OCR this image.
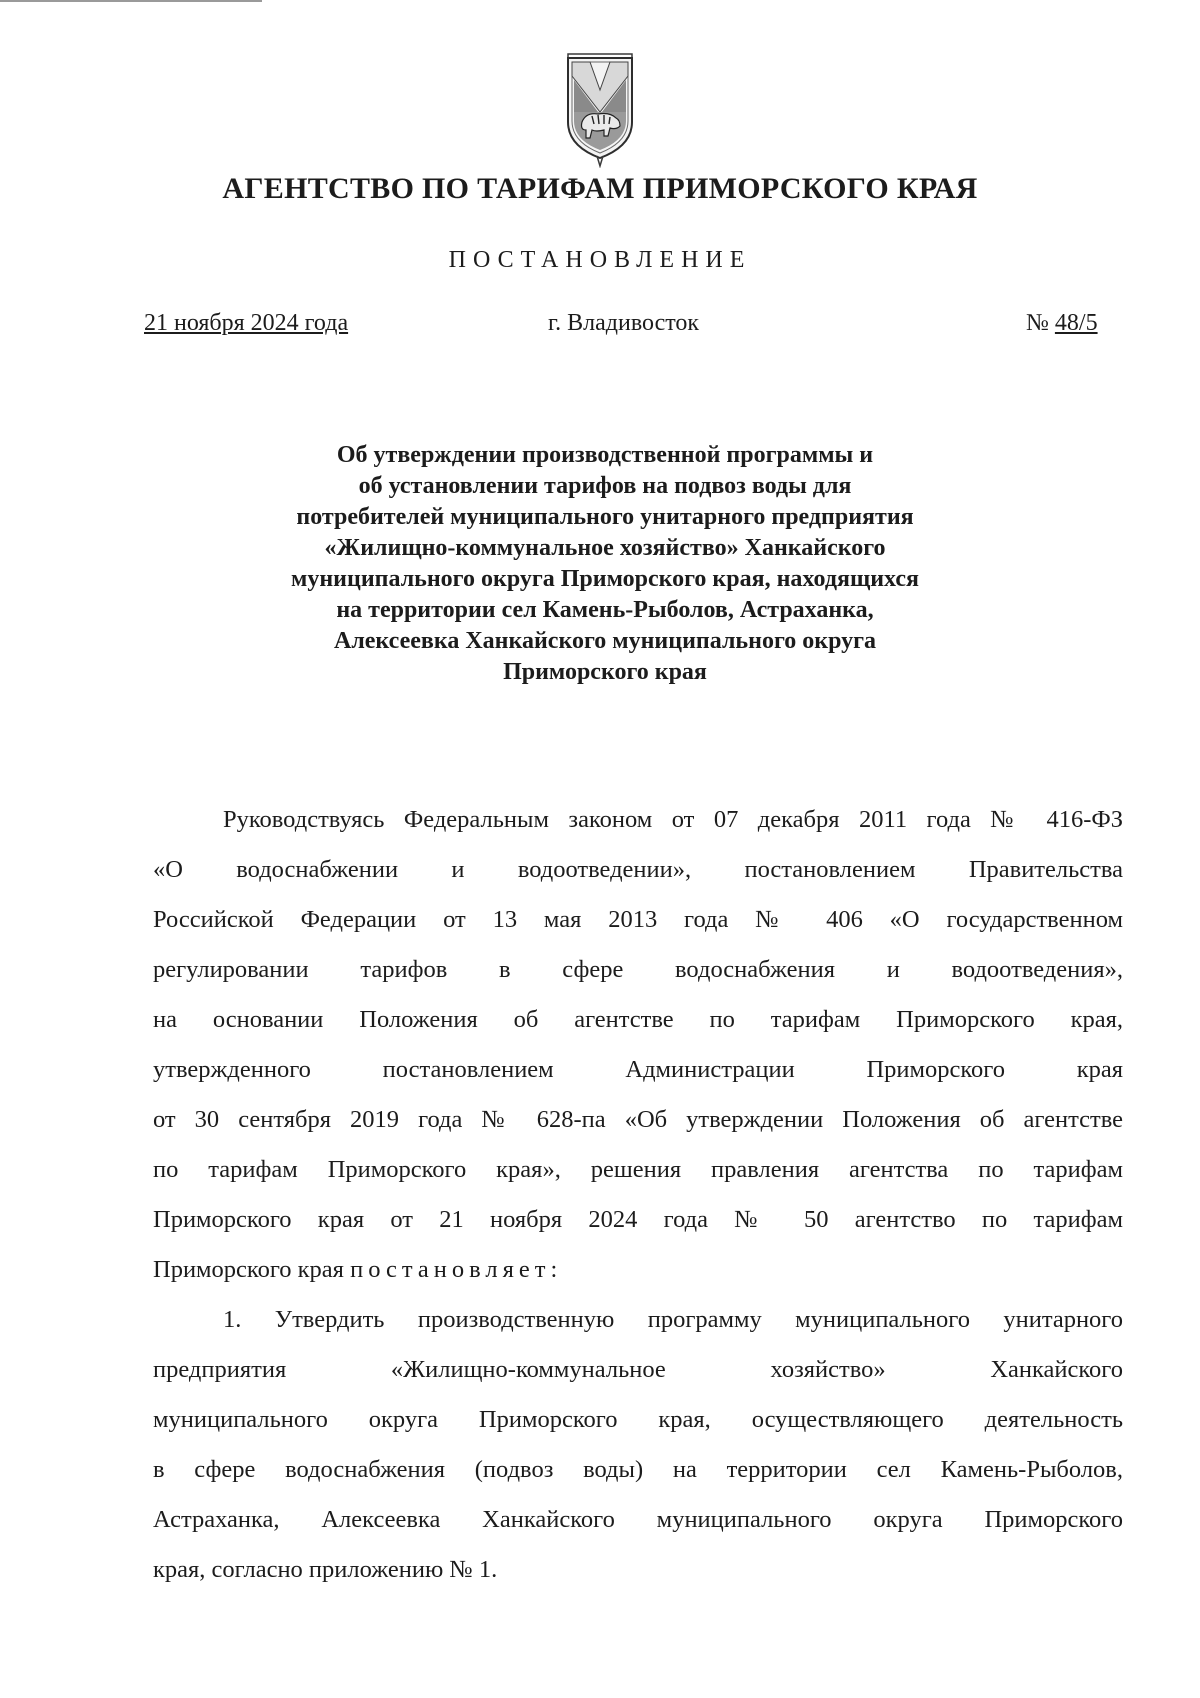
АГЕНТСТВО ПО ТАРИФАМ ПРИМОРСКОГО КРАЯ
ПОСТАНОВЛЕНИЕ
21 ноября 2024 года	г. Владивосток	№ 48/5
Об утверждении производственной программы и
об установлении тарифов на подвоз воды для
потребителей муниципального унитарного предприятия
«Жилищно-коммунальное хозяйство» Ханкайского
муниципального округа Приморского края, находящихся
на территории сел Камень-Рыболов, Астраханка,
Алексеевка Ханкайского муниципального округа
Приморского края
Руководствуясь Федеральным законом от 07 декабря 2011 года № 416-ФЗ
«О водоснабжении и водоотведении», постановлением Правительства
Российской Федерации от 13 мая 2013 года № 406 «О государственном
регулировании тарифов в сфере водоснабжения и водоотведения»,
на основании Положения об агентстве по тарифам Приморского края,
утвержденного постановлением Администрации Приморского края
от 30 сентября 2019 года № 628-па «Об утверждении Положения об агентстве
по тарифам Приморского края», решения правления агентства по тарифам
Приморского края от 21 ноября 2024 года № 50 агентство по тарифам
Приморского края постановляет:
1. Утвердить производственную программу муниципального унитарного
предприятия «Жилищно-коммунальное хозяйство» Ханкайского
муниципального округа Приморского края, осуществляющего деятельность
в сфере водоснабжения (подвоз воды) на территории сел Камень-Рыболов,
Астраханка, Алексеевка Ханкайского муниципального округа Приморского
края, согласно приложению № 1.
